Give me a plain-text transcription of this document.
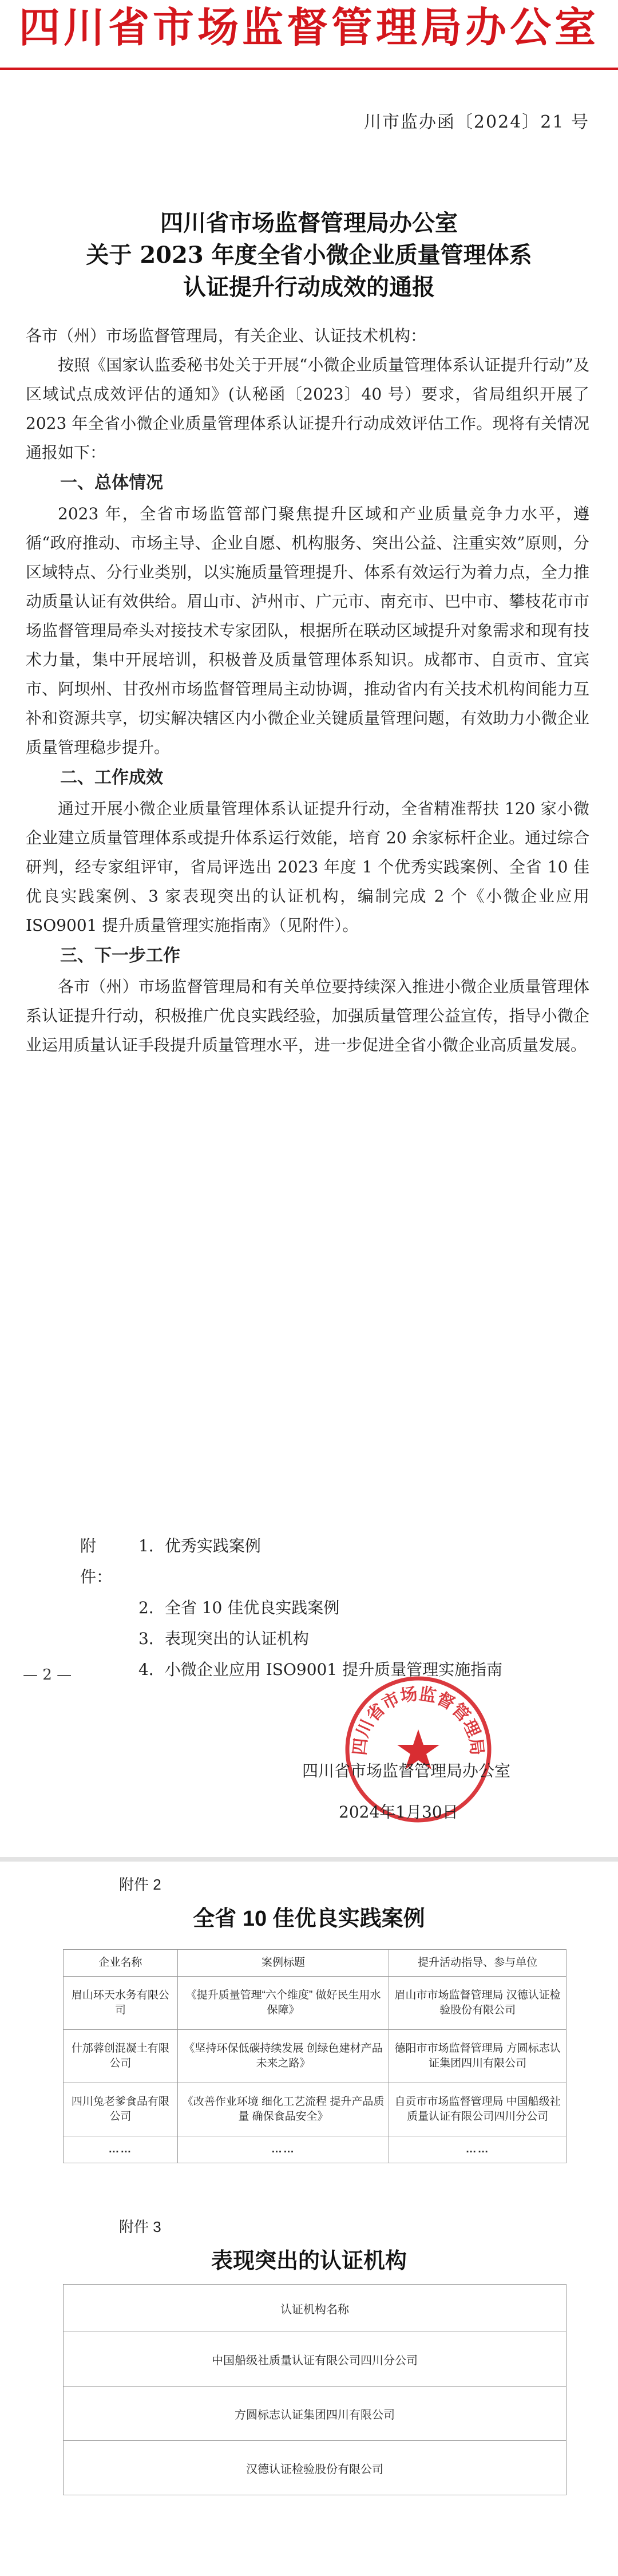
四川省市场监督管理局办公室
川市监办函〔2024〕21 号
四川省市场监督管理局办公室
关于 2023 年度全省小微企业质量管理体系
认证提升行动成效的通报

各市（州）市场监督管理局，有关企业、认证技术机构：

按照《国家认监委秘书处关于开展“小微企业质量管理体系认证提升行动”及区域试点成效评估的通知》(认秘函〔2023〕40 号）要求，省局组织开展了 2023 年全省小微企业质量管理体系认证提升行动成效评估工作。现将有关情况通报如下：

一、总体情况

2023 年，全省市场监管部门聚焦提升区域和产业质量竞争力水平，遵循“政府推动、市场主导、企业自愿、机构服务、突出公益、注重实效”原则，分区域特点、分行业类别，以实施质量管理提升、体系有效运行为着力点，全力推动质量认证有效供给。眉山市、泸州市、广元市、南充市、巴中市、攀枝花市市场监督管理局牵头对接技术专家团队，根据所在联动区域提升对象需求和现有技术力量，集中开展培训，积极普及质量管理体系知识。成都市、自贡市、宜宾市、阿坝州、甘孜州市场监督管理局主动协调，推动省内有关技术机构间能力互补和资源共享，切实解决辖区内小微企业关键质量管理问题，有效助力小微企业质量管理稳步提升。

二、工作成效

通过开展小微企业质量管理体系认证提升行动，全省精准帮扶 120 家小微企业建立质量管理体系或提升体系运行效能，培育 20 余家标杆企业。通过综合研判，经专家组评审，省局评选出 2023 年度 1 个优秀实践案例、全省 10 佳优良实践案例、3 家表现突出的认证机构，编制完成 2 个《小微企业应用 ISO9001 提升质量管理实施指南》（见附件）。

三、下一步工作

各市（州）市场监督管理局和有关单位要持续深入推进小微企业质量管理体系认证提升行动，积极推广优良实践经验，加强质量管理公益宣传，指导小微企业运用质量认证手段提升质量管理水平，进一步促进全省小微企业高质量发展。

附件：
1．优秀实践案例
2．全省 10 佳优良实践案例
3．表现突出的认证机构
4．小微企业应用 ISO9001 提升质量管理实施指南
— 2 —
四川省市场监督管理局
四川省市场监督管理局办公室
2024年1月30日
附件 2
全省 10 佳优良实践案例
企业名称	案例标题	提升活动指导、参与单位
眉山环天水务有限公司	《提升质量管理“六个维度” 做好民生用水保障》	眉山市市场监督管理局 汉德认证检验股份有限公司
什邡蓉创混凝土有限公司	《坚持环保低碳持续发展 创绿色建材产品未来之路》	德阳市市场监督管理局 方圆标志认证集团四川有限公司
四川兔老爹食品有限公司	《改善作业环境 细化工艺流程 提升产品质量 确保食品安全》	自贡市市场监督管理局 中国船级社质量认证有限公司四川分公司
……	……	……
附件 3
表现突出的认证机构
认证机构名称
中国船级社质量认证有限公司四川分公司
方圆标志认证集团四川有限公司
汉德认证检验股份有限公司
